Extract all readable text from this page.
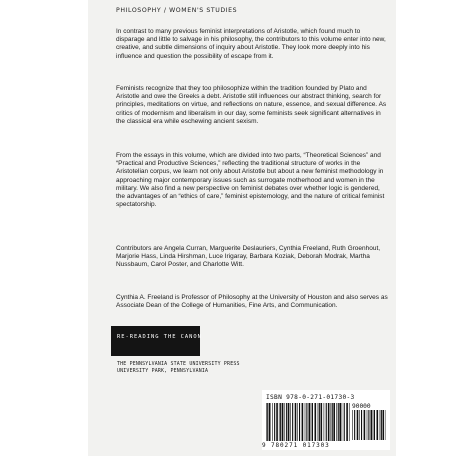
PHILOSOPHY / WOMEN'S STUDIES

In contrast to many previous feminist interpretations of Aristotle, which found much to disparage and little to salvage in his philosophy, the contributors to this volume enter into new, creative, and subtle dimensions of inquiry about Aristotle. They look more deeply into his influence and question the possibility of escape from it.

Feminists recognize that they too philosophize within the tradition founded by Plato and Aristotle and owe the Greeks a debt. Aristotle still influences our abstract thinking, search for principles, meditations on virtue, and reflections on nature, essence, and sexual difference. As critics of modernism and liberalism in our day, some feminists seek significant alternatives in the classical era while eschewing ancient sexism.

From the essays in this volume, which are divided into two parts, “Theoretical Sciences” and “Practical and Productive Sciences,” reflecting the traditional structure of works in the Aristotelian corpus, we learn not only about Aristotle but about a new feminist methodology in approaching major contemporary issues such as surrogate motherhood and women in the military. We also find a new perspective on feminist debates over whether logic is gendered, the advantages of an “ethics of care,” feminist epistemology, and the nature of critical feminist spectatorship.

Contributors are Angela Curran, Marguerite Deslauriers, Cynthia Freeland, Ruth Groenhout, Marjorie Hass, Linda Hirshman, Luce Irigaray, Barbara Koziak, Deborah Modrak, Martha Nussbaum, Carol Poster, and Charlotte Witt.

Cynthia A. Freeland is Professor of Philosophy at the University of Houston and also serves as Associate Dean of the College of Humanities, Fine Arts, and Communication.

RE-READING THE CANON
THE PENNSYLVANIA STATE UNIVERSITY PRESS
UNIVERSITY PARK, PENNSYLVANIA
ISBN 978-0-271-01730-3
90000
9 780271 017303
